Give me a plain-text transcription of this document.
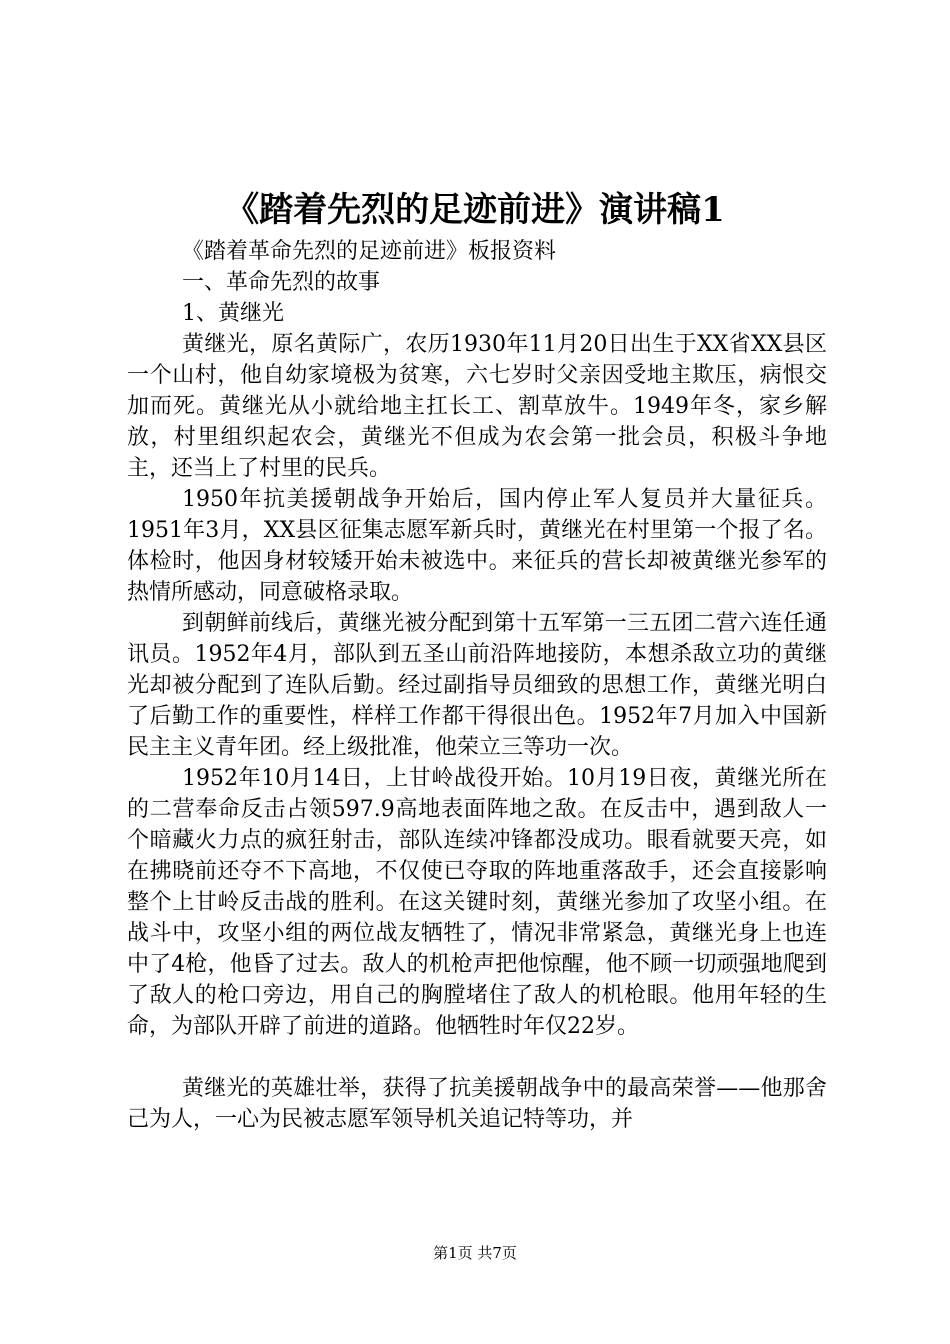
《踏着先烈的足迹前进》演讲稿1

《踏着革命先烈的足迹前进》板报资料

一、革命先烈的故事

1、黄继光

黄继光，原名黄际广，农历1930年11月20日出生于XX省XX县区一个山村，他自幼家境极为贫寒，六七岁时父亲因受地主欺压，病恨交加而死。黄继光从小就给地主扛长工、割草放牛。1949年冬，家乡解放，村里组织起农会，黄继光不但成为农会第一批会员，积极斗争地主，还当上了村里的民兵。

1950年抗美援朝战争开始后，国内停止军人复员并大量征兵。1951年3月，XX县区征集志愿军新兵时，黄继光在村里第一个报了名。体检时，他因身材较矮开始未被选中。来征兵的营长却被黄继光参军的热情所感动，同意破格录取。

到朝鲜前线后，黄继光被分配到第十五军第一三五团二营六连任通讯员。1952年4月，部队到五圣山前沿阵地接防，本想杀敌立功的黄继光却被分配到了连队后勤。经过副指导员细致的思想工作，黄继光明白了后勤工作的重要性，样样工作都干得很出色。1952年7月加入中国新民主主义青年团。经上级批准，他荣立三等功一次。

1952年10月14日，上甘岭战役开始。10月19日夜，黄继光所在的二营奉命反击占领597.9高地表面阵地之敌。在反击中，遇到敌人一个暗藏火力点的疯狂射击，部队连续冲锋都没成功。眼看就要天亮，如在拂晓前还夺不下高地，不仅使已夺取的阵地重落敌手，还会直接影响整个上甘岭反击战的胜利。在这关键时刻，黄继光参加了攻坚小组。在战斗中，攻坚小组的两位战友牺牲了，情况非常紧急，黄继光身上也连中了4枪，他昏了过去。敌人的机枪声把他惊醒，他不顾一切顽强地爬到了敌人的枪口旁边，用自己的胸膛堵住了敌人的机枪眼。他用年轻的生命，为部队开辟了前进的道路。他牺牲时年仅22岁。

黄继光的英雄壮举，获得了抗美援朝战争中的最高荣誉——他那舍己为人，一心为民被志愿军领导机关追记特等功，并

第1页 共7页
